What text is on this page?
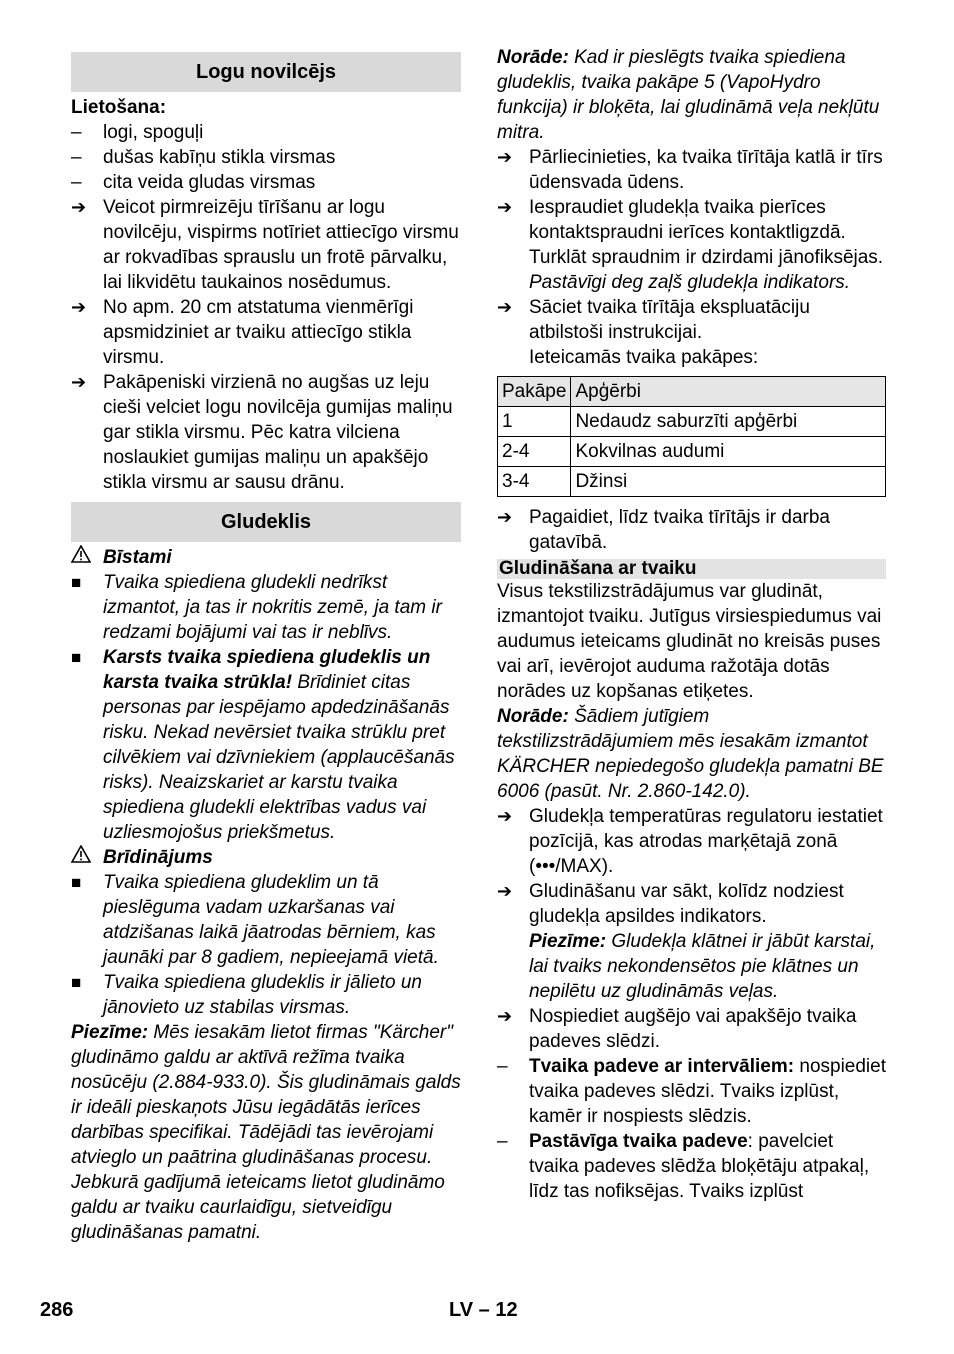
Logu novilcējs

Lietošana:

–	logi, spoguļi
–	dušas kabīņu stikla virsmas
–	cita veida gludas virsmas
➔ Veicot pirmreizēju tīrīšanu ar logu novilcēju, vispirms notīriet attiecīgo virsmu ar rokvadības sprauslu un frotē pārvalku, lai likvidētu taukainos nosēdumus.
➔ No apm. 20 cm atstatuma vienmērīgi apsmidziniet ar tvaiku attiecīgo stikla virsmu.
➔ Pakāpeniski virzienā no augšas uz leju cieši velciet logu novilcēja gumijas maliņu gar stikla virsmu. Pēc katra vilciena noslaukiet gumijas maliņu un apakšējo stikla virsmu ar sausu drānu.
Gludeklis
Bīstami
■	Tvaika spiediena gludekli nedrīkst izmantot, ja tas ir nokritis zemē, ja tam ir redzami bojājumi vai tas ir neblīvs.
■	Karsts tvaika spiediena gludeklis un karsta tvaika strūkla! Brīdiniet citas personas par iespējamo apdedzināšanās risku. Nekad nevērsiet tvaika strūklu pret cilvēkiem vai dzīvniekiem (applaucēšanās risks). Neaizskariet ar karstu tvaika spiediena gludekli elektrības vadus vai uzliesmojošus priekšmetus.
Brīdinājums
■	Tvaika spiediena gludeklim un tā pieslēguma vadam uzkaršanas vai atdzišanas laikā jāatrodas bērniem, kas jaunāki par 8 gadiem, nepieejamā vietā.
■	Tvaika spiediena gludeklis ir jālieto un jānovieto uz stabilas virsmas.

Piezīme: Mēs iesakām lietot firmas "Kärcher" gludināmo galdu ar aktīvā režīma tvaika nosūcēju (2.884-933.0). Šis gludināmais galds ir ideāli pieskaņots Jūsu iegādātās ierīces darbības specifikai. Tādējādi tas ievērojami atvieglo un paātrina gludināšanas procesu. Jebkurā gadījumā ieteicams lietot gludināmo galdu ar tvaiku caurlaidīgu, sietveidīgu gludināšanas pamatni.

Norāde: Kad ir pieslēgts tvaika spiediena gludeklis, tvaika pakāpe 5 (VapoHydro funkcija) ir bloķēta, lai gludināmā veļa nekļūtu mitra.

➔ Pārliecinieties, ka tvaika tīrītāja katlā ir tīrs ūdensvada ūdens.
➔ Iespraudiet gludekļa tvaika pierīces kontaktspraudni ierīces kontaktligzdā. Turklāt spraudnim ir dzirdami jānofiksējas.

Pastāvīgi deg zaļš gludekļa indikators.

➔ Sāciet tvaika tīrītāja ekspluatāciju atbilstoši instrukcijai.

Ieteicamās tvaika pakāpes:

Pakāpe	Apģērbi
1	Nedaudz saburzīti apģērbi
2-4	Kokvilnas audumi
3-4	Džinsi
➔ Pagaidiet, līdz tvaika tīrītājs ir darba gatavībā.
Gludināšana ar tvaiku

Visus tekstilizstrādājumus var gludināt, izmantojot tvaiku. Jutīgus virsiespiedumus vai audumus ieteicams gludināt no kreisās puses vai arī, ievērojot auduma ražotāja dotās norādes uz kopšanas etiķetes.

Norāde: Šādiem jutīgiem tekstilizstrādājumiem mēs iesakām izmantot KÄRCHER nepiedegošo gludekļa pamatni BE 6006 (pasūt. Nr. 2.860-142.0).

➔ Gludekļa temperatūras regulatoru iestatiet pozīcijā, kas atrodas marķētajā zonā (•••/MAX).
➔ Gludināšanu var sākt, kolīdz nodziest gludekļa apsildes indikators.

Piezīme: Gludekļa klātnei ir jābūt karstai, lai tvaiks nekondensētos pie klātnes un nepilētu uz gludināmās veļas.

➔ Nospiediet augšējo vai apakšējo tvaika padeves slēdzi.
–	Tvaika padeve ar intervāliem: nospiediet tvaika padeves slēdzi. Tvaiks izplūst, kamēr ir nospiests slēdzis.
–	Pastāvīga tvaika padeve: pavelciet tvaika padeves slēdža bloķētāju atpakaļ, līdz tas nofiksējas. Tvaiks izplūst
286	LV – 12
